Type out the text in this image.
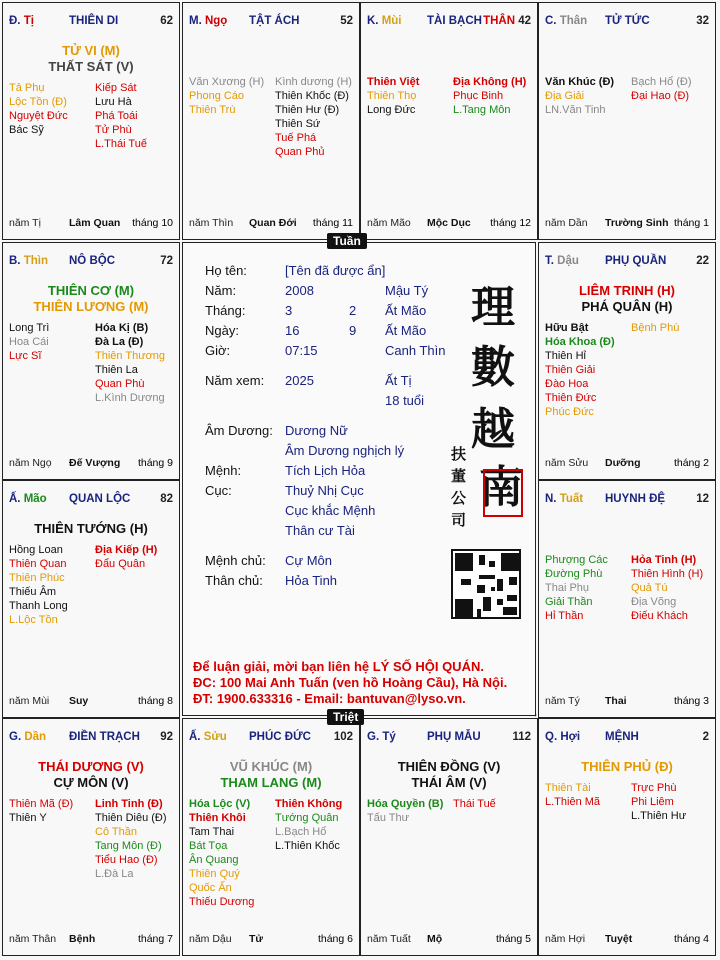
Đ. Tị	THIÊN DI	62
TỬ VI (M)
THẤT SÁT (V)
Tả Phụ
Lộc Tồn (Đ)
Nguyệt Đức
Bác Sỹ
Kiếp Sát
Lưu Hà
Phá Toái
Tử Phù
L.Thái Tuế
năm Tị	Lâm Quan tháng 10
M. Ngọ TẬT ÁCH	52
Văn Xương (H)
Phong Cáo
Thiên Trù
Kình dương (H)
Thiên Khốc (Đ)
Thiên Hư (Đ)
Thiên Sứ
Tuế Phá
Quan Phủ
năm Thìn Quan Đới tháng 11
K. Mùi TÀI BẠCH THÂN 42
Thiên Việt
Thiên Thọ
Long Đức
Địa Không (H)
Phục Binh
L.Tang Môn
năm Mão Mộc Dục tháng 12
C. Thân TỬ TỨC	32
Văn Khúc (Đ)
Địa Giải
LN.Văn Tinh
Bạch Hổ (Đ)
Đại Hao (Đ)
năm Dần Trường Sinh tháng 1
B. Thìn NÔ BỘC	72
THIÊN CƠ (M)
THIÊN LƯƠNG (M)
Long Trì
Hoa Cái
Lực Sĩ
Hóa Kị (B)
Đà La (Đ)
Thiên Thương
Thiên La
Quan Phù
L.Kình Dương
năm Ngọ Đế Vượng tháng 9
T. Dậu PHỤ QUẦN	22
LIÊM TRINH (H)
PHÁ QUÂN (H)
Hữu Bật
Hóa Khoa (Đ)
Thiên Hỉ
Thiên Giải
Đào Hoa
Thiên Đức
Phúc Đức
Bệnh Phù
năm Sửu Dưỡng	tháng 2
Ấ. Mão QUAN LỘC	82
THIÊN TƯỚNG (H)
Hồng Loan
Thiên Quan
Thiên Phúc
Thiếu Âm
Thanh Long
L.Lộc Tồn
Địa Kiếp (H)
Đẩu Quân
năm Mùi Suy	tháng 8
N. Tuất HUYNH ĐỆ	12
Phượng Các
Đường Phù
Thai Phụ
Giải Thần
Hỉ Thần
Hỏa Tinh (H)
Thiên Hình (H)
Quả Tú
Địa Võng
Điếu Khách
năm Tý Thai	tháng 3
G. Dần ĐIỀN TRẠCH 92
THÁI DƯƠNG (V)
CỰ MÔN (V)
Thiên Mã (Đ)
Thiên Y
Linh Tinh (Đ)
Thiên Diêu (Đ)
Cô Thần
Tang Môn (Đ)
Tiểu Hao (Đ)
L.Đà La
năm Thân Bệnh	tháng 7
Ấ. Sửu PHÚC ĐỨC 102
VŨ KHÚC (M)
THAM LANG (M)
Hóa Lộc (V)
Thiên Khôi
Tam Thai
Bát Tọa
Ân Quang
Thiên Quý
Quốc Ấn
Thiếu Dương
Thiên Không
Tướng Quân
L.Bạch Hổ
L.Thiên Khốc
năm Dậu Tử	tháng 6
G. Tý	PHỤ MẪU	112
THIÊN ĐỒNG (V)
THÁI ÂM (V)
Hóa Quyền (B)
Tấu Thư
Thái Tuế
năm Tuất Mộ	tháng 5
Q. Hợi MỆNH	2
THIÊN PHỦ (Đ)
Thiên Tài
L.Thiên Mã
Trực Phù
Phi Liêm
L.Thiên Hư
năm Hợi Tuyệt	tháng 4
Họ tên:	[Tên đã được ẩn]
Năm:	2008	Mậu Tý
Tháng:	3	2 Ất Mão
Ngày:	16	9 Ất Mão
Giờ:	07:15	Canh Thìn
Năm xem: 2025	Ất Tị
18 tuổi
Âm Dương: Dương Nữ
Âm Dương nghịch lý
Mệnh:	Tích Lịch Hỏa
Cục:	Thuỷ Nhị Cục
Cục khắc Mệnh
Thân cư Tài
Mệnh chủ: Cự Môn
Thân chủ: Hỏa Tinh
理
數
越
南
扶
董
公
司
Để luận giải, mời bạn liên hệ LÝ SỐ HỘI QUÁN.
ĐC: 100 Mai Anh Tuấn (ven hồ Hoàng Cầu), Hà Nội.
ĐT: 1900.633316 - Email: bantuvan@lyso.vn.
Tuần
Triệt
